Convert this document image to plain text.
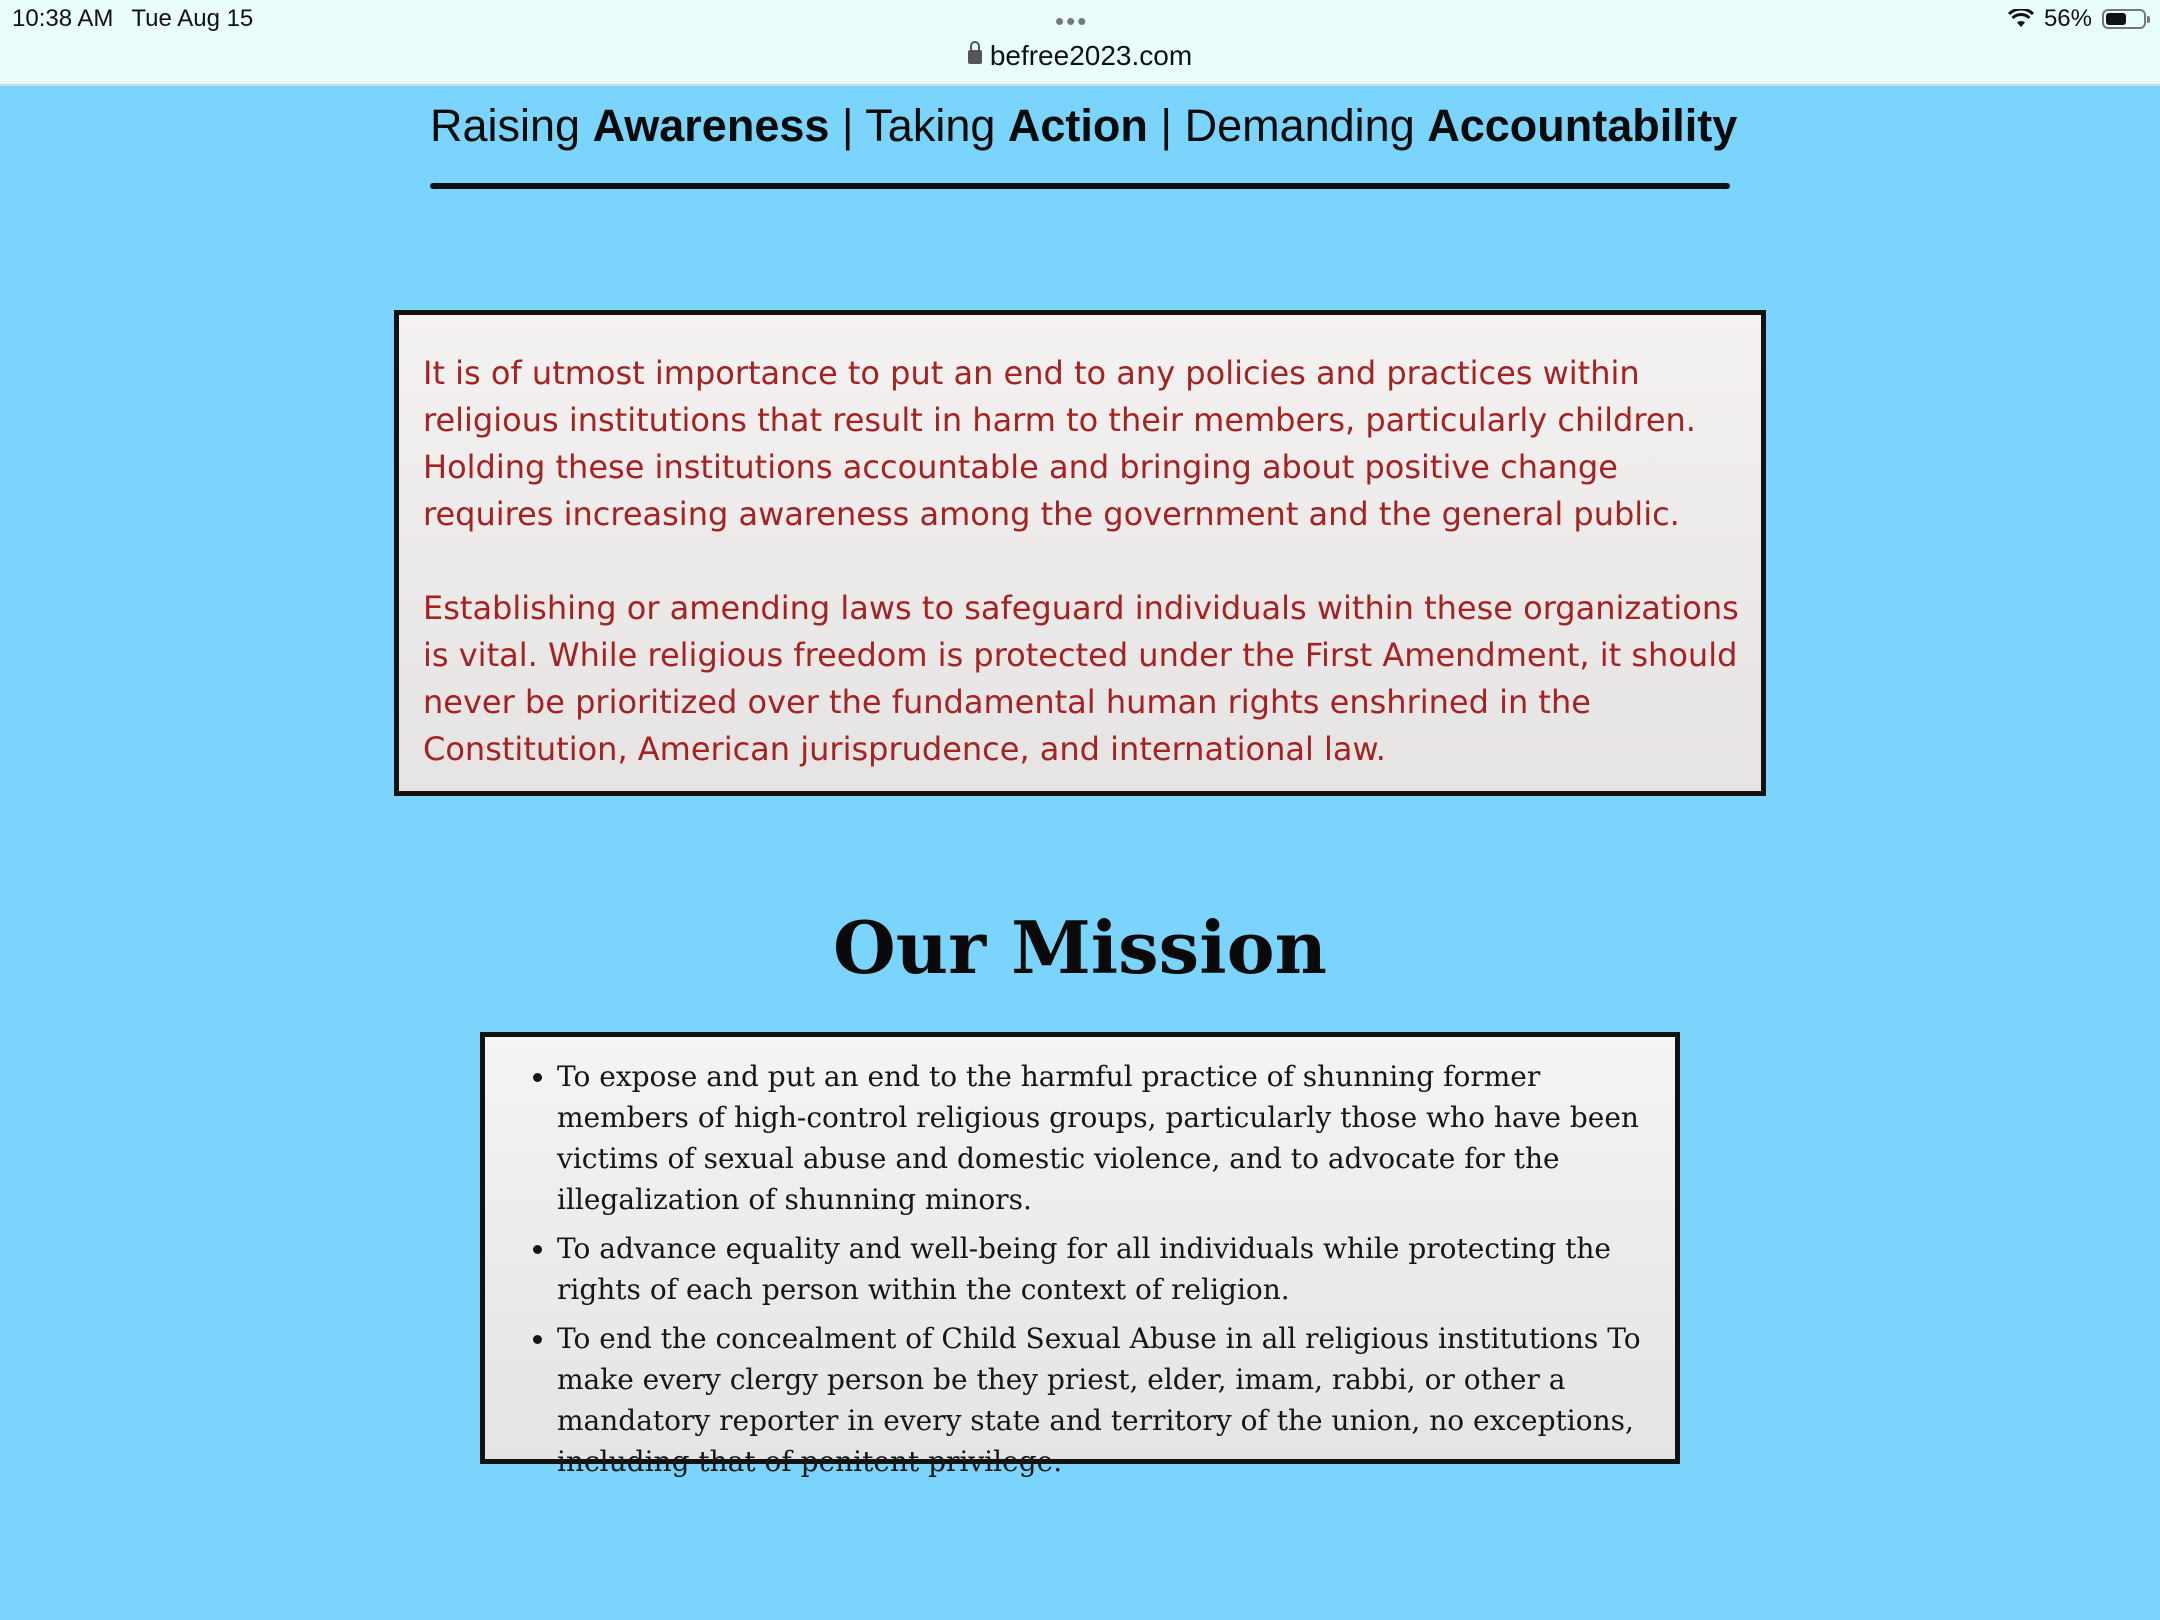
10:38 AM Tue Aug 15	•••
befree2023.com
56%
Raising Awareness | Taking Action | Demanding Accountability

It is of utmost importance to put an end to any policies and practices within religious institutions that result in harm to their members, particularly children. Holding these institutions accountable and bringing about positive change requires increasing awareness among the government and the general public.

Establishing or amending laws to safeguard individuals within these organizations is vital. While religious freedom is protected under the First Amendment, it should never be prioritized over the fundamental human rights enshrined in the Constitution, American jurisprudence, and international law.

Our Mission
• To expose and put an end to the harmful practice of shunning former members of high-control religious groups, particularly those who have been victims of sexual abuse and domestic violence, and to advocate for the illegalization of shunning minors.
• To advance equality and well-being for all individuals while protecting the rights of each person within the context of religion.
• To end the concealment of Child Sexual Abuse in all religious institutions To make every clergy person be they priest, elder, imam, rabbi, or other a mandatory reporter in every state and territory of the union, no exceptions, including that of penitent privilege.
